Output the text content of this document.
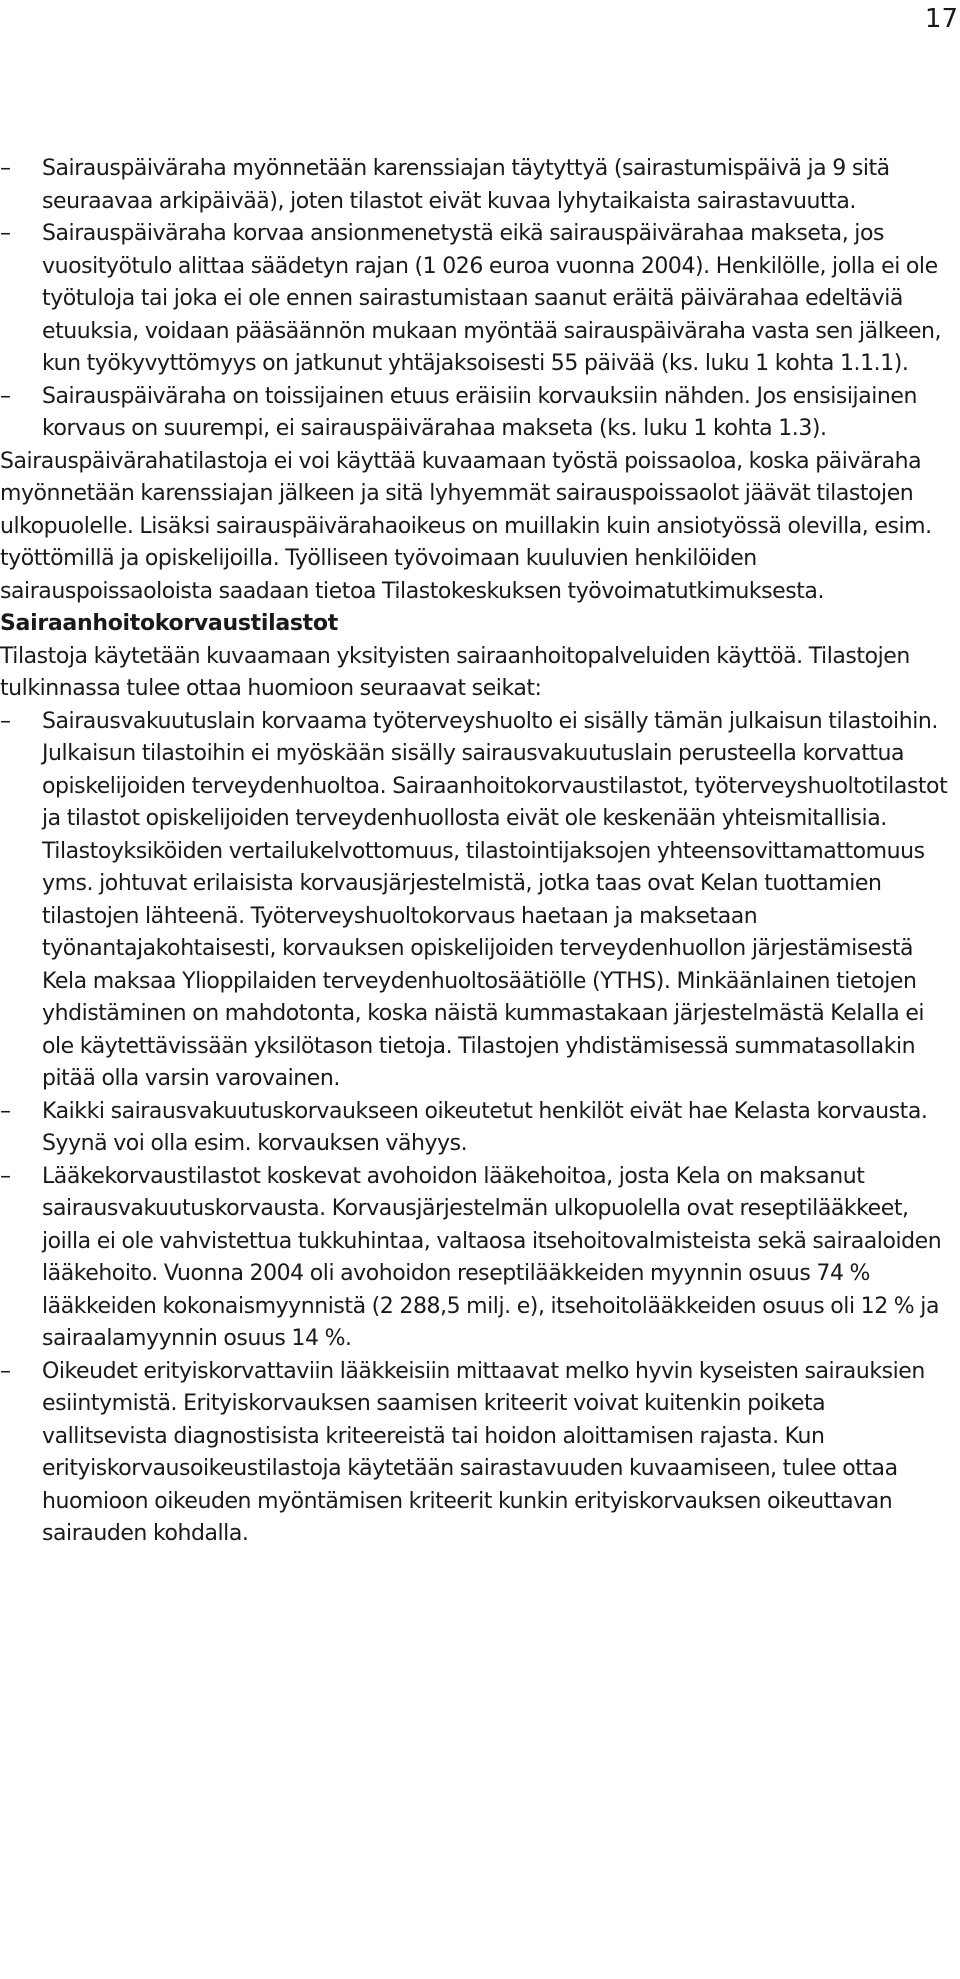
17
– Sairauspäiväraha myönnetään karenssiajan täytyttyä (sairastumispäivä ja 9 sitä seuraavaa arkipäivää), joten tilastot eivät kuvaa lyhytaikaista sairastavuutta.

– Sairauspäiväraha korvaa ansionmenetystä eikä sairauspäivärahaa makseta, jos vuosityötulo alittaa säädetyn rajan (1 026 euroa vuonna 2004). Henkilölle, jolla ei ole työtuloja tai joka ei ole ennen sairastumistaan saanut eräitä päivärahaa edeltäviä etuuksia, voidaan pääsäännön mukaan myöntää sairauspäiväraha vasta sen jälkeen, kun työkyvyttömyys on jatkunut yhtäjaksoisesti 55 päivää (ks. luku 1 kohta 1.1.1).

– Sairauspäiväraha on toissijainen etuus eräisiin korvauksiin nähden. Jos ensisijainen korvaus on suurempi, ei sairauspäivärahaa makseta (ks. luku 1 kohta 1.3).

Sairauspäivärahatilastoja ei voi käyttää kuvaamaan työstä poissaoloa, koska päiväraha myönnetään karenssiajan jälkeen ja sitä lyhyemmät sairauspoissaolot jäävät tilastojen ulkopuolelle. Lisäksi sairauspäivärahaoikeus on muillakin kuin ansiotyössä olevilla, esim. työttömillä ja opiskelijoilla. Työlliseen työvoimaan kuuluvien henkilöiden sairauspoissaoloista saadaan tietoa Tilastokeskuksen työvoimatutkimuksesta.

Sairaanhoitokorvaustilastot

Tilastoja käytetään kuvaamaan yksityisten sairaanhoitopalveluiden käyttöä. Tilastojen tulkinnassa tulee ottaa huomioon seuraavat seikat:

– Sairausvakuutuslain korvaama työterveyshuolto ei sisälly tämän julkaisun tilastoihin. Julkaisun tilastoihin ei myöskään sisälly sairausvakuutuslain perusteella korvattua opiskelijoiden terveydenhuoltoa. Sairaanhoitokorvaustilastot, työterveyshuoltotilastot ja tilastot opiskelijoiden terveydenhuollosta eivät ole keskenään yhteismitallisia. Tilastoyksiköiden vertailukelvottomuus, tilastointijaksojen yhteensovittamattomuus yms. johtuvat erilaisista korvausjärjestelmistä, jotka taas ovat Kelan tuottamien tilastojen lähteenä. Työterveyshuoltokorvaus haetaan ja maksetaan työnantajakohtaisesti, korvauksen opiskelijoiden terveydenhuollon järjestämisestä Kela maksaa Ylioppilaiden terveydenhuoltosäätiölle (YTHS). Minkäänlainen tietojen yhdistäminen on mahdotonta, koska näistä kummastakaan järjestelmästä Kelalla ei ole käytettävissään yksilötason tietoja. Tilastojen yhdistämisessä summatasollakin pitää olla varsin varovainen.

– Kaikki sairausvakuutuskorvaukseen oikeutetut henkilöt eivät hae Kelasta korvausta. Syynä voi olla esim. korvauksen vähyys.

– Lääkekorvaustilastot koskevat avohoidon lääkehoitoa, josta Kela on maksanut sairausvakuutuskorvausta. Korvausjärjestelmän ulkopuolella ovat reseptilääkkeet, joilla ei ole vahvistettua tukkuhintaa, valtaosa itsehoitovalmisteista sekä sairaaloiden lääkehoito. Vuonna 2004 oli avohoidon reseptilääkkeiden myynnin osuus 74 % lääkkeiden kokonaismyynnistä (2 288,5 milj. e), itsehoitolääkkeiden osuus oli 12 % ja sairaalamyynnin osuus 14 %.

– Oikeudet erityiskorvattaviin lääkkeisiin mittaavat melko hyvin kyseisten sairauksien esiintymistä. Erityiskorvauksen saamisen kriteerit voivat kuitenkin poiketa vallitsevista diagnostisista kriteereistä tai hoidon aloittamisen rajasta. Kun erityiskorvausoikeustilastoja käytetään sairastavuuden kuvaamiseen, tulee ottaa huomioon oikeuden myöntämisen kriteerit kunkin erityiskorvauksen oikeuttavan sairauden kohdalla.
